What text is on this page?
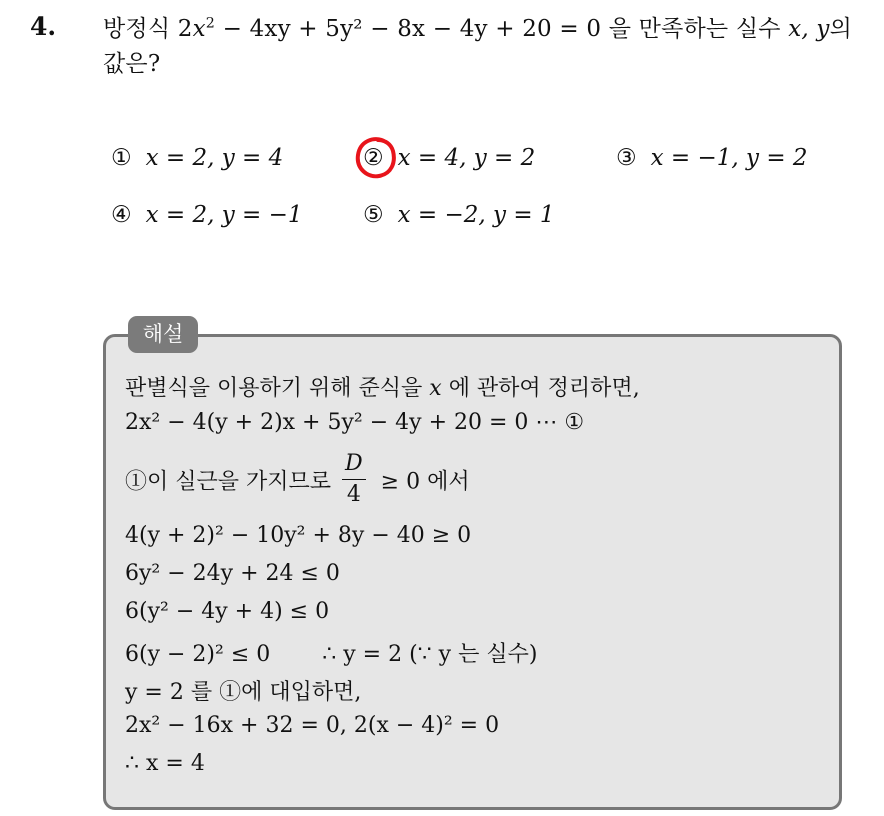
4. 방정식 $2x^2 - 4xy + 5y^2 - 8x - 4y + 20 = 0$ 을 만족하는 실수 x, y의 값은?
① x = 2, y = 4	② x = 4, y = 2	③ x = −1, y = 2
④ x = 2, y = −1	⑤ x = −2, y = 1
해설
판별식을 이용하기 위해 준식을 x 에 관하여 정리하면,
2x² − 4(y + 2)x + 5y² − 4y + 20 = 0 ⋯ ①
①이 실근을 가지므로 $\frac{D}{4} \ge 0$ 에서
4(y + 2)² − 10y² + 8y − 40 ≥ 0
6y² − 24y + 24 ≤ 0
6(y² − 4y + 4) ≤ 0
6(y − 2)² ≤ 0 ∴ y = 2 (∵ y 는 실수)
y = 2 를 ①에 대입하면,
2x² − 16x + 32 = 0, 2(x − 4)² = 0
∴ x = 4
